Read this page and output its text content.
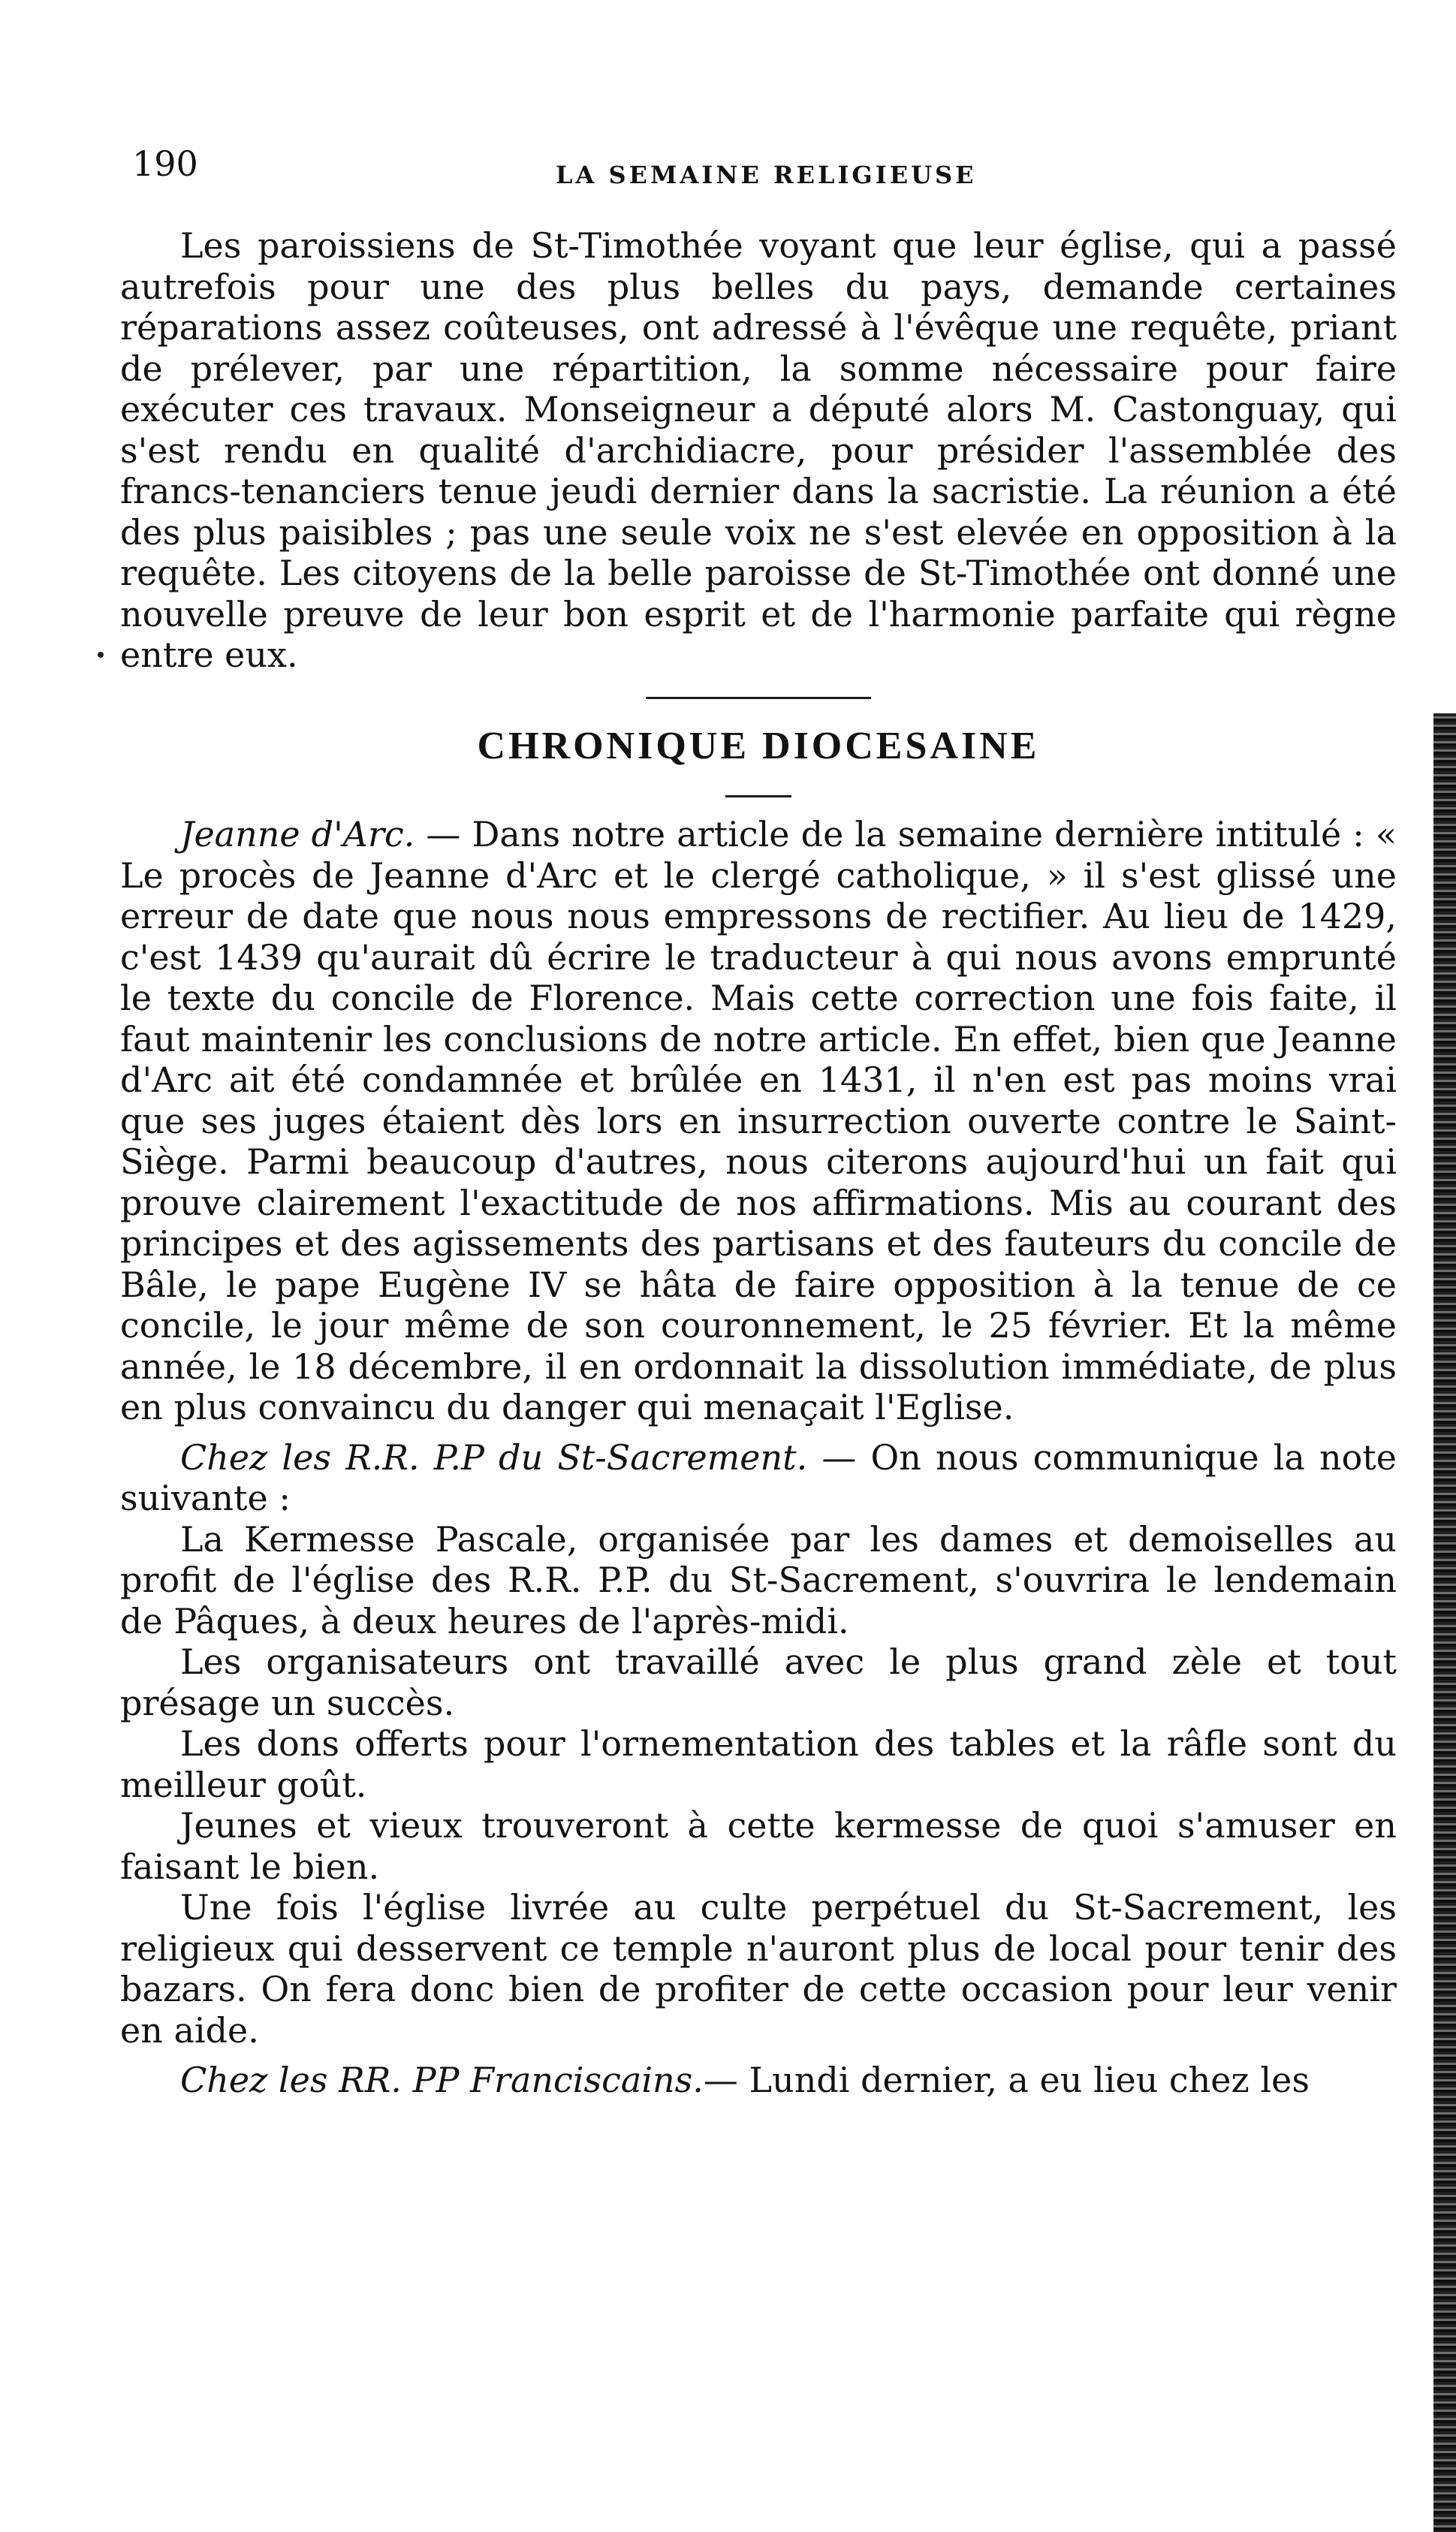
190	LA SEMAINE RELIGIEUSE

Les paroissiens de St-Timothée voyant que leur église, qui a passé autrefois pour une des plus belles du pays, demande certaines réparations assez coûteuses, ont adressé à l'évêque une requête, priant de prélever, par une répartition, la somme nécessaire pour faire exécuter ces travaux. Monseigneur a député alors M. Castonguay, qui s'est rendu en qualité d'archidiacre, pour présider l'assemblée des francs-tenanciers tenue jeudi dernier dans la sacristie. La réunion a été des plus paisibles ; pas une seule voix ne s'est elevée en opposition à la requête. Les citoyens de la belle paroisse de St-Timothée ont donné une nouvelle preuve de leur bon esprit et de l'harmonie parfaite qui règne entre eux.

CHRONIQUE DIOCESAINE

Jeanne d'Arc. — Dans notre article de la semaine dernière intitulé : « Le procès de Jeanne d'Arc et le clergé catholique, » il s'est glissé une erreur de date que nous nous empressons de rectifier. Au lieu de 1429, c'est 1439 qu'aurait dû écrire le traducteur à qui nous avons emprunté le texte du concile de Florence. Mais cette correction une fois faite, il faut maintenir les conclusions de notre article. En effet, bien que Jeanne d'Arc ait été condamnée et brûlée en 1431, il n'en est pas moins vrai que ses juges étaient dès lors en insurrection ouverte contre le Saint-Siège. Parmi beaucoup d'autres, nous citerons aujourd'hui un fait qui prouve clairement l'exactitude de nos affirmations. Mis au courant des principes et des agissements des partisans et des fauteurs du concile de Bâle, le pape Eugène IV se hâta de faire opposition à la tenue de ce concile, le jour même de son couronnement, le 25 février. Et la même année, le 18 décembre, il en ordonnait la dissolution immédiate, de plus en plus convaincu du danger qui menaçait l'Eglise.

Chez les R.R. P.P du St-Sacrement. — On nous communique la note suivante :

La Kermesse Pascale, organisée par les dames et demoiselles au profit de l'église des R.R. P.P. du St-Sacrement, s'ouvrira le lendemain de Pâques, à deux heures de l'après-midi.

Les organisateurs ont travaillé avec le plus grand zèle et tout présage un succès.

Les dons offerts pour l'ornementation des tables et la râfle sont du meilleur goût.

Jeunes et vieux trouveront à cette kermesse de quoi s'amuser en faisant le bien.

Une fois l'église livrée au culte perpétuel du St-Sacrement, les religieux qui desservent ce temple n'auront plus de local pour tenir des bazars. On fera donc bien de profiter de cette occasion pour leur venir en aide.

Chez les RR. PP Franciscains.— Lundi dernier, a eu lieu chez les
